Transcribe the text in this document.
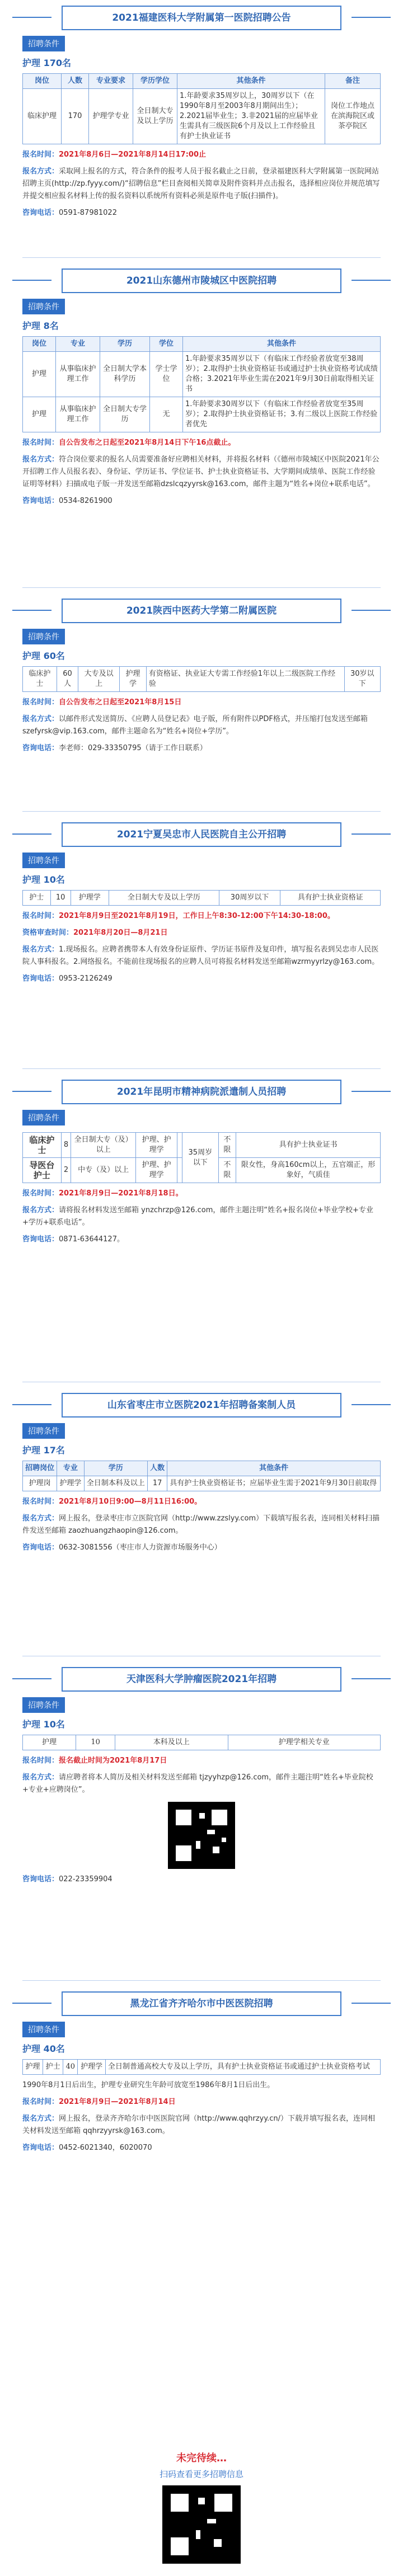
2021福建医科大学附属第一医院招聘公告
招聘条件
护理 170名
岗位	人数	专业要求	学历学位	其他条件	备注
临床护理	170	护理学专业	全日制大专及以上学历	1.年龄要求35周岁以上，30周岁以下（在1990年8月至2003年8月期间出生）；2.2021届毕业生；3.非2021届的应届毕业生需具有三级医院6个月及以上工作经验且有护士执业证书	岗位工作地点在滨海院区或茶亭院区
报名时间：2021年8月6日—2021年8月14日17:00止
报名方式：采取网上报名的方式，符合条件的报考人员于报名截止之日前，登录福建医科大学附属第一医院网站招聘主页(http://zp.fyyy.com/)“招聘信息”栏目查阅相关简章及附件资料并点击报名，选择相应岗位并规范填写并提交相应报名材料上传的报名资料以系统所有资料必须是原件电子版(扫描件)。
咨询电话：0591-87981022
2021山东德州市陵城区中医院招聘
招聘条件
护理 8名
岗位	专业	学历	学位	其他条件
护理	从事临床护理工作	全日制大学本科学历	学士学位	1.年龄要求35周岁以下（有临床工作经验者放宽至38周岁）；2.取得护士执业资格证书或通过护士执业资格考试成绩合格；3.2021年毕业生需在2021年9月30日前取得相关证书
护理	从事临床护理工作	全日制大专学历	无	1.年龄要求30周岁以下（有临床工作经验者放宽至35周岁）；2.取得护士执业资格证书；3.有二级以上医院工作经验者优先
报名时间：自公告发布之日起至2021年8月14日下午16点截止。
报名方式：符合岗位要求的报名人员需要准备好应聘相关材料，并将报名材料（《德州市陵城区中医院2021年公开招聘工作人员报名表》、身份证、学历证书、学位证书、护士执业资格证书、大学期间成绩单、医院工作经验证明等材料）扫描成电子版一并发送至邮箱dzslcqzyyrsk@163.com，邮件主题为“姓名+岗位+联系电话”。
咨询电话：0534-8261900
2021陕西中医药大学第二附属医院
招聘条件
护理 60名
临床护士	60人	大专及以上	护理学	有资格证、执业证大专需工作经验1年以上二级医院工作经验	30岁以下
报名时间：自公告发布之日起至2021年8月15日
报名方式：以邮件形式发送简历、《应聘人员登记表》电子版，所有附件以PDF格式，并压缩打包发送至邮箱szefyrsk@vip.163.com，邮件主题命名为“姓名+岗位+学历”。
咨询电话：李老师：029-33350795（请于工作日联系）
2021宁夏吴忠市人民医院自主公开招聘
招聘条件
护理 10名
护士	10	护理学	全日制大专及以上学历	30周岁以下	具有护士执业资格证
报名时间：2021年8月9日至2021年8月19日，工作日上午8:30-12:00下午14:30-18:00。
资格审查时间：2021年8月20日—8月21日
报名方式：1.现场报名。应聘者携带本人有效身份证原件、学历证书原件及复印件，填写报名表到吴忠市人民医院人事科报名。2.网络报名。不能前往现场报名的应聘人员可将报名材料发送至邮箱wzrmyyrlzy@163.com。
咨询电话：0953-2126249
2021年昆明市精神病院派遣制人员招聘
招聘条件
临床护士	8	全日制大专（及）以上	护理、护理学		35周岁以下	不限	具有护士执业证书
导医台护士	2	中专（及）以上	护理、护理学			不限	限女性，身高160cm以上，五官端正，形象好，气质佳
报名时间：2021年8月9日—2021年8月18日。
报名方式：请将报名材料发送至邮箱 ynzchrzp@126.com，邮件主题注明“姓名+报名岗位+毕业学校+专业+学历+联系电话”。
咨询电话：0871-63644127。
山东省枣庄市立医院2021年招聘备案制人员
招聘条件
护理 17名
招聘岗位	专业	学历	人数	其他条件
护理岗	护理学	全日制本科及以上	17	具有护士执业资格证书；应届毕业生需于2021年9月30日前取得
报名时间：2021年8月10日9:00—8月11日16:00。
报名方式：网上报名，登录枣庄市立医院官网（http://www.zzslyy.com）下载填写报名表，连同相关材料扫描件发送至邮箱 zaozhuangzhaopin@126.com。
咨询电话：0632-3081556（枣庄市人力资源市场服务中心）
天津医科大学肿瘤医院2021年招聘
招聘条件
护理 10名
护理	10	本科及以上	护理学相关专业
报名时间：报名截止时间为2021年8月17日
报名方式：请应聘者将本人简历及相关材料发送至邮箱 tjzyyhzp@126.com，邮件主题注明“姓名+毕业院校+专业+应聘岗位”。
咨询电话：022-23359904
黑龙江省齐齐哈尔市中医医院招聘
招聘条件
护理 40名
护理	护士	40	护理学	全日制普通高校大专及以上学历，具有护士执业资格证书或通过护士执业资格考试
1990年8月1日后出生，护理专业研究生年龄可放宽至1986年8月1日后出生。
报名时间：2021年8月9日—2021年8月14日
报名方式：网上报名，登录齐齐哈尔市中医医院官网（http://www.qqhrzyy.cn/）下载并填写报名表，连同相关材料发送至邮箱 qqhrzyyrsk@163.com。
咨询电话：0452-6021340，6020070
未完待续…
扫码查看更多招聘信息
